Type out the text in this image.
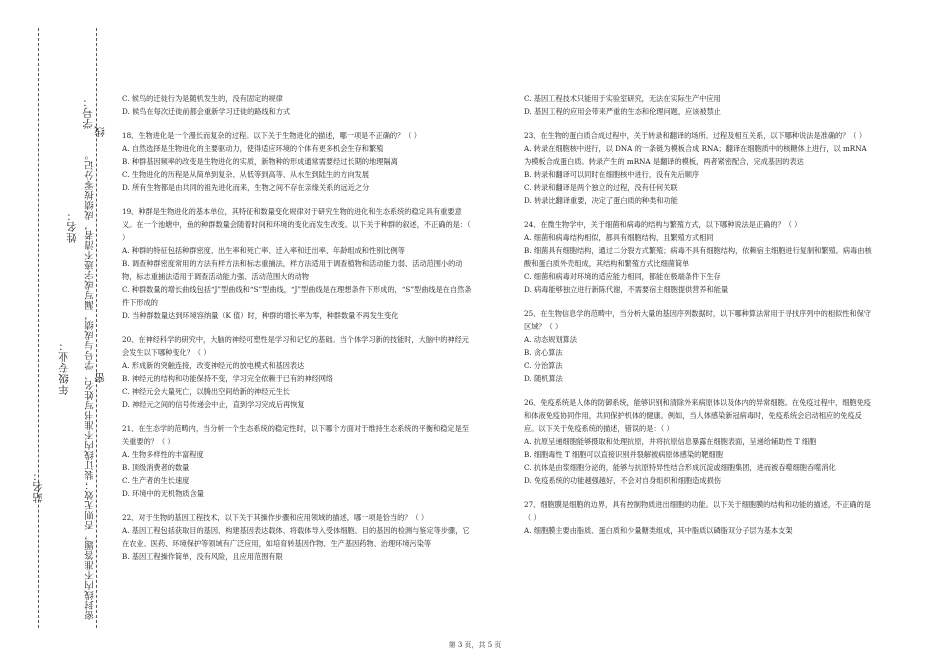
学号：
线
密封线内不准答题，否则无效；装订线内不准书写姓名、学号与成绩，漏写或字迹不清者，成绩按零分记。
姓名：
年级专业： 密
站名：

C. 候鸟的迁徙行为是随机发生的，没有固定的规律

D. 候鸟在每次迁徙前都会重新学习迁徙的路线和方式

18、生物进化是一个漫长而复杂的过程。以下关于生物进化的描述，哪一项是不正确的？（ ）

A. 自然选择是生物进化的主要驱动力，使得适应环境的个体有更多机会生存和繁殖

B. 种群基因频率的改变是生物进化的实质，新物种的形成通常需要经过长期的地理隔离

C. 生物进化的历程是从简单到复杂、从低等到高等、从水生到陆生的方向发展

D. 所有生物都是由共同的祖先进化而来，生物之间不存在亲缘关系的远近之分

19、种群是生物进化的基本单位，其特征和数量变化规律对于研究生物的进化和生态系统的稳定具有重要意义。在一个池塘中，鱼的种群数量会随着时间和环境的变化而发生改变。以下关于种群的叙述，不正确的是：（ ）

A. 种群的特征包括种群密度、出生率和死亡率、迁入率和迁出率、年龄组成和性别比例等

B. 调查种群密度常用的方法有样方法和标志重捕法，样方法适用于调查植物和活动能力弱、活动范围小的动物，标志重捕法适用于调查活动能力强、活动范围大的动物

C. 种群数量的增长曲线包括“J”型曲线和“S”型曲线，“J”型曲线是在理想条件下形成的，“S”型曲线是在自然条件下形成的

D. 当种群数量达到环境容纳量（K 值）时，种群的增长率为零，种群数量不再发生变化

20、在神经科学的研究中，大脑的神经可塑性是学习和记忆的基础。当个体学习新的技能时，大脑中的神经元会发生以下哪种变化？（ ）

A. 形成新的突触连接，改变神经元的放电模式和基因表达

B. 神经元的结构和功能保持不变，学习完全依赖于已有的神经网络

C. 神经元会大量死亡，以腾出空间给新的神经元生长

D. 神经元之间的信号传递会中止，直到学习完成后再恢复

21、在生态学的范畴内，当分析一个生态系统的稳定性时，以下哪个方面对于维持生态系统的平衡和稳定是至关重要的？（ ）

A. 生物多样性的丰富程度

B. 顶级消费者的数量

C. 生产者的生长速度

D. 环境中的无机物质含量

22、对于生物的基因工程技术，以下关于其操作步骤和应用领域的描述，哪一项是恰当的？（ ）

A. 基因工程包括获取目的基因、构建基因表达载体、将载体导入受体细胞、目的基因的检测与鉴定等步骤，它在农业、医药、环境保护等领域有广泛应用，如培育转基因作物、生产基因药物、治理环境污染等

B. 基因工程操作简单，没有风险，且应用范围有限

C. 基因工程技术只能用于实验室研究，无法在实际生产中应用

D. 基因工程的应用会带来严重的生态和伦理问题，应该被禁止

23、在生物的蛋白质合成过程中，关于转录和翻译的场所、过程及相互关系，以下哪种说法是准确的？（ ）

A. 转录在细胞核中进行，以 DNA 的一条链为模板合成 RNA；翻译在细胞质中的核糖体上进行，以 mRNA 为模板合成蛋白质。转录产生的 mRNA 是翻译的模板，两者紧密配合，完成基因的表达

B. 转录和翻译可以同时在细胞核中进行，没有先后顺序

C. 转录和翻译是两个独立的过程，没有任何关联

D. 转录比翻译重要，决定了蛋白质的种类和功能

24、在微生物学中，关于细菌和病毒的结构与繁殖方式，以下哪种说法是正确的？（ ）

A. 细菌和病毒结构相似，都具有细胞结构，且繁殖方式相同

B. 细菌具有细胞结构，通过二分裂方式繁殖；病毒不具有细胞结构，依赖宿主细胞进行复制和繁殖。病毒由核酸和蛋白质外壳组成，其结构和繁殖方式比细菌简单

C. 细菌和病毒对环境的适应能力相同，都能在极端条件下生存

D. 病毒能够独立进行新陈代谢，不需要宿主细胞提供营养和能量

25、在生物信息学的范畴中，当分析大量的基因序列数据时，以下哪种算法常用于寻找序列中的相似性和保守区域？（ ）

A. 动态规划算法

B. 贪心算法

C. 分治算法

D. 随机算法

26、免疫系统是人体的防御系统，能够识别和清除外来病原体以及体内的异常细胞。在免疫过程中，细胞免疫和体液免疫协同作用，共同保护机体的健康。例如，当人体感染新冠病毒时，免疫系统会启动相应的免疫反应。以下关于免疫系统的描述，错误的是：（ ）

A. 抗原呈递细胞能够摄取和处理抗原，并将抗原信息暴露在细胞表面，呈递给辅助性 T 细胞

B. 细胞毒性 T 细胞可以直接识别并裂解被病原体感染的靶细胞

C. 抗体是由浆细胞分泌的，能够与抗原特异性结合形成沉淀或细胞集团，进而被吞噬细胞吞噬消化

D. 免疫系统的功能越强越好，不会对自身组织和细胞造成损伤

27、细胞膜是细胞的边界，具有控制物质进出细胞的功能。以下关于细胞膜的结构和功能的描述，不正确的是（ ）

A. 细胞膜主要由脂质、蛋白质和少量糖类组成，其中脂质以磷脂双分子层为基本支架

第 3 页，共 5 页
